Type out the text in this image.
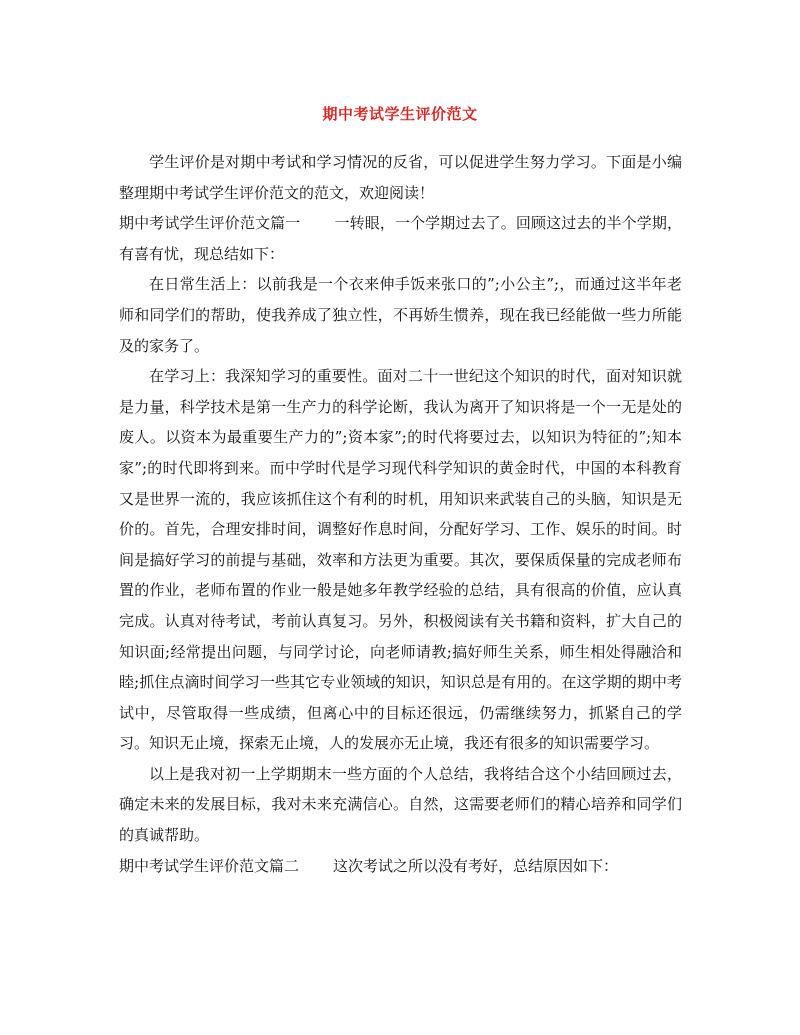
期中考试学生评价范文

学生评价是对期中考试和学习情况的反省，可以促进学生努力学习。下面是小编整理期中考试学生评价范文的范文，欢迎阅读！

期中考试学生评价范文篇一 一转眼，一个学期过去了。回顾这过去的半个学期，有喜有忧，现总结如下：

在日常生活上：以前我是一个衣来伸手饭来张口的”;小公主”;，而通过这半年老师和同学们的帮助，使我养成了独立性，不再娇生惯养，现在我已经能做一些力所能及的家务了。

在学习上：我深知学习的重要性。面对二十一世纪这个知识的时代，面对知识就是力量，科学技术是第一生产力的科学论断，我认为离开了知识将是一个一无是处的废人。以资本为最重要生产力的”;资本家”;的时代将要过去，以知识为特征的”;知本家”;的时代即将到来。而中学时代是学习现代科学知识的黄金时代，中国的本科教育又是世界一流的，我应该抓住这个有利的时机，用知识来武装自己的头脑，知识是无价的。首先，合理安排时间，调整好作息时间，分配好学习、工作、娱乐的时间。时间是搞好学习的前提与基础，效率和方法更为重要。其次，要保质保量的完成老师布置的作业，老师布置的作业一般是她多年教学经验的总结，具有很高的价值，应认真完成。认真对待考试，考前认真复习。另外，积极阅读有关书籍和资料，扩大自己的知识面;经常提出问题，与同学讨论，向老师请教;搞好师生关系，师生相处得融洽和睦;抓住点滴时间学习一些其它专业领域的知识，知识总是有用的。在这学期的期中考试中，尽管取得一些成绩，但离心中的目标还很远，仍需继续努力，抓紧自己的学习。知识无止境，探索无止境，人的发展亦无止境，我还有很多的知识需要学习。

以上是我对初一上学期期末一些方面的个人总结，我将结合这个小结回顾过去，确定未来的发展目标，我对未来充满信心。自然，这需要老师们的精心培养和同学们的真诚帮助。

期中考试学生评价范文篇二 这次考试之所以没有考好，总结原因如下：
